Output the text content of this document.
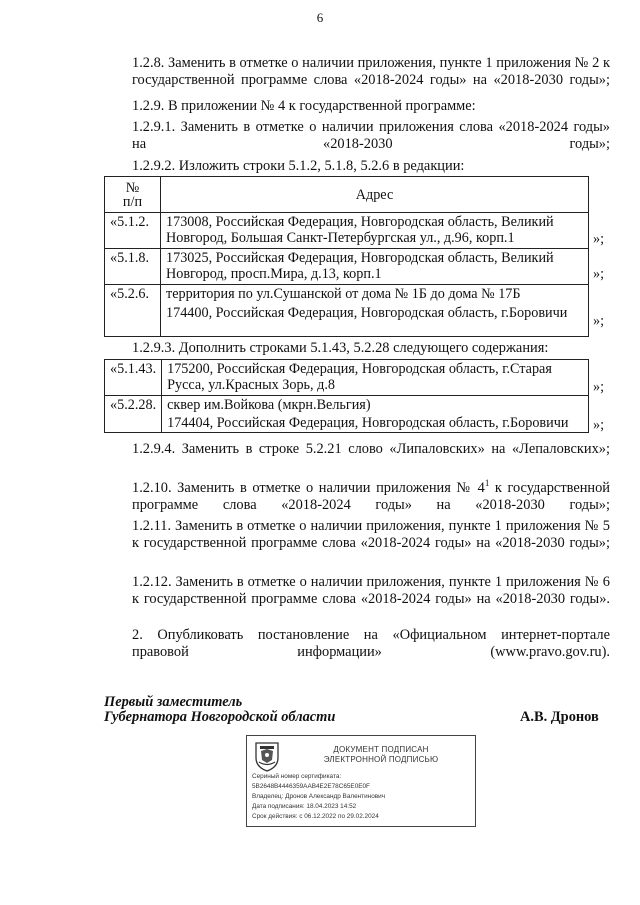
6
1.2.8. Заменить в отметке о наличии приложения, пункте 1 приложения № 2 к государственной программе слова «2018-2024 годы» на «2018-2030 годы»;
1.2.9. В приложении № 4 к государственной программе:
1.2.9.1. Заменить в отметке о наличии приложения слова «2018-2024 годы» на «2018-2030 годы»;
1.2.9.2. Изложить строки 5.1.2, 5.1.8, 5.2.6 в редакции:
№
п/п	Адрес
«5.1.2.	173008, Российская Федерация, Новгородская область, Великий Новгород, Большая Санкт-Петербургская ул., д.96, корп.1
«5.1.8.	173025, Российская Федерация, Новгородская область, Великий Новгород, просп.Мира, д.13, корп.1
«5.2.6.	территория по ул.Сушанской от дома № 1Б до дома № 17Б
174400, Российская Федерация, Новгородская область, г.Боровичи
»;
»;
»;
1.2.9.3. Дополнить строками 5.1.43, 5.2.28 следующего содержания:
«5.1.43.	175200, Российская Федерация, Новгородская область, г.Старая Русса, ул.Красных Зорь, д.8
«5.2.28.	сквер им.Войкова (мкрн.Вельгия)
174404, Российская Федерация, Новгородская область, г.Боровичи
»;
»;
1.2.9.4. Заменить в строке 5.2.21 слово «Липаловских» на «Лепаловских»;
1.2.10. Заменить в отметке о наличии приложения № $4^1$ к государственной программе слова «2018-2024 годы» на «2018-2030 годы»;
1.2.11. Заменить в отметке о наличии приложения, пункте 1 приложения № 5 к государственной программе слова «2018-2024 годы» на «2018-2030 годы»;
1.2.12. Заменить в отметке о наличии приложения, пункте 1 приложения № 6 к государственной программе слова «2018-2024 годы» на «2018-2030 годы».
2. Опубликовать постановление на «Официальном интернет-портале правовой информации» (www.pravo.gov.ru).
Первый заместитель
Губернатора Новгородской области	А.В. Дронов
ДОКУМЕНТ ПОДПИСАН
ЭЛЕКТРОННОЙ ПОДПИСЬЮ
Сериный номер сертификата:
5B2648B4446359AAB4E2E78C65E0E0F
Владелец: Дронов Александр Валентинович
Дата подписания: 18.04.2023 14:52
Срок действия: с 06.12.2022 по 29.02.2024
